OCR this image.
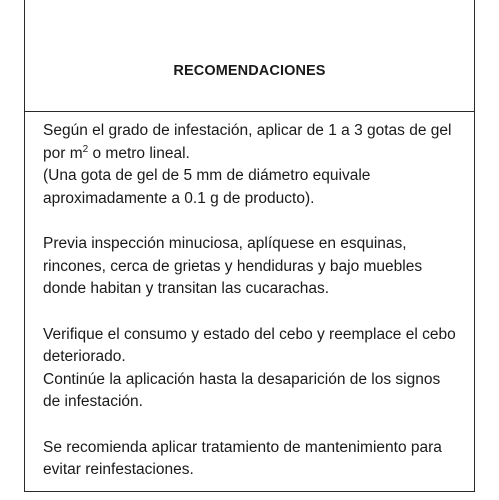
RECOMENDACIONES
Según el grado de infestación, aplicar de 1 a 3 gotas de gel
por $m^2$ o metro lineal.
(Una gota de gel de 5 mm de diámetro equivale
aproximadamente a 0.1 g de producto).
Previa inspección minuciosa, aplíquese en esquinas,
rincones, cerca de grietas y hendiduras y bajo muebles
donde habitan y transitan las cucarachas.
Verifique el consumo y estado del cebo y reemplace el cebo
deteriorado.
Continúe la aplicación hasta la desaparición de los signos
de infestación.
Se recomienda aplicar tratamiento de mantenimiento para
evitar reinfestaciones.
